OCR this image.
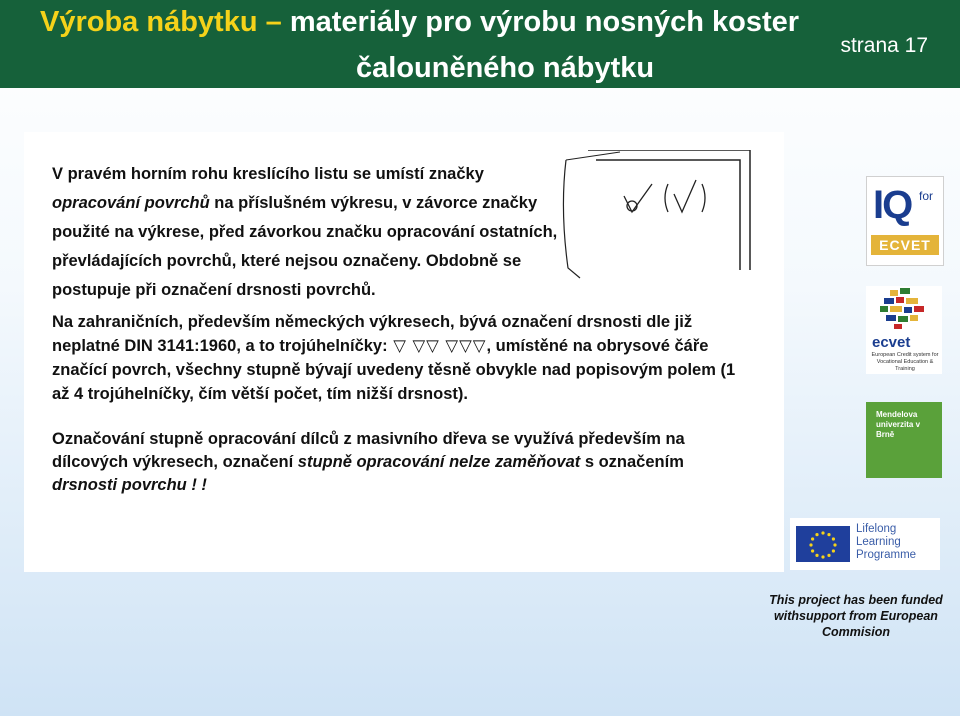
Výroba nábytku – materiály pro výrobu nosných koster
čalouněného nábytku
strana 17

V pravém horním rohu kreslícího listu se umístí značky opracování povrchů na příslušném výkresu, v závorce značky použité na výkrese, před závorkou značku opracování ostatních, převládajících povrchů, které nejsou označeny. Obdobně se postupuje při označení drsnosti povrchů.

Na zahraničních, především německých výkresech, bývá označení drsnosti dle již neplatné DIN 3141:1960, a to trojúhelníčky: ▽ ▽▽ ▽▽▽, umístěné na obrysové čáře značící povrch, všechny stupně bývají uvedeny těsně obvykle nad popisovým polem (1 až 4 trojúhelníčky, čím větší počet, tím nižší drsnost).

Označování stupně opracování dílců z masivního dřeva se využívá především na dílcových výkresech, označení stupně opracování nelze zaměňovat s označením drsnosti povrchu ! !

IQ for
ECVET
ecvet
European Credit system for Vocational Education & Training
Mendelova univerzita v Brně
Lifelong Learning Programme
This project has been funded withsupport from European Commision
